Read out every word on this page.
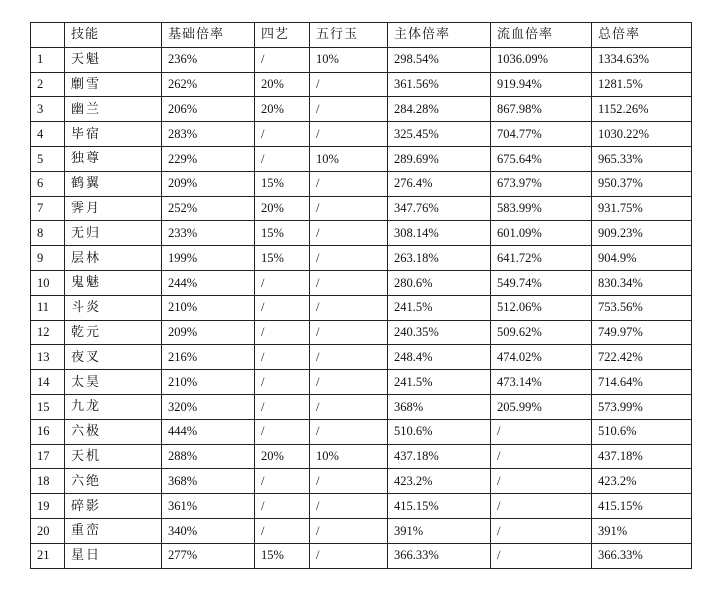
	技能	基础倍率	四艺	五行玉	主体倍率	流血倍率	总倍率
1	天魁	236%	/	10%	298.54%	1036.09%	1334.63%
2	劘雪	262%	20%	/	361.56%	919.94%	1281.5%
3	幽兰	206%	20%	/	284.28%	867.98%	1152.26%
4	毕宿	283%	/	/	325.45%	704.77%	1030.22%
5	独尊	229%	/	10%	289.69%	675.64%	965.33%
6	鹤翼	209%	15%	/	276.4%	673.97%	950.37%
7	霁月	252%	20%	/	347.76%	583.99%	931.75%
8	无归	233%	15%	/	308.14%	601.09%	909.23%
9	层林	199%	15%	/	263.18%	641.72%	904.9%
10	鬼魅	244%	/	/	280.6%	549.74%	830.34%
11	斗炎	210%	/	/	241.5%	512.06%	753.56%
12	乾元	209%	/	/	240.35%	509.62%	749.97%
13	夜叉	216%	/	/	248.4%	474.02%	722.42%
14	太昊	210%	/	/	241.5%	473.14%	714.64%
15	九龙	320%	/	/	368%	205.99%	573.99%
16	六极	444%	/	/	510.6%	/	510.6%
17	天机	288%	20%	10%	437.18%	/	437.18%
18	六绝	368%	/	/	423.2%	/	423.2%
19	碎影	361%	/	/	415.15%	/	415.15%
20	重峦	340%	/	/	391%	/	391%
21	星日	277%	15%	/	366.33%	/	366.33%
